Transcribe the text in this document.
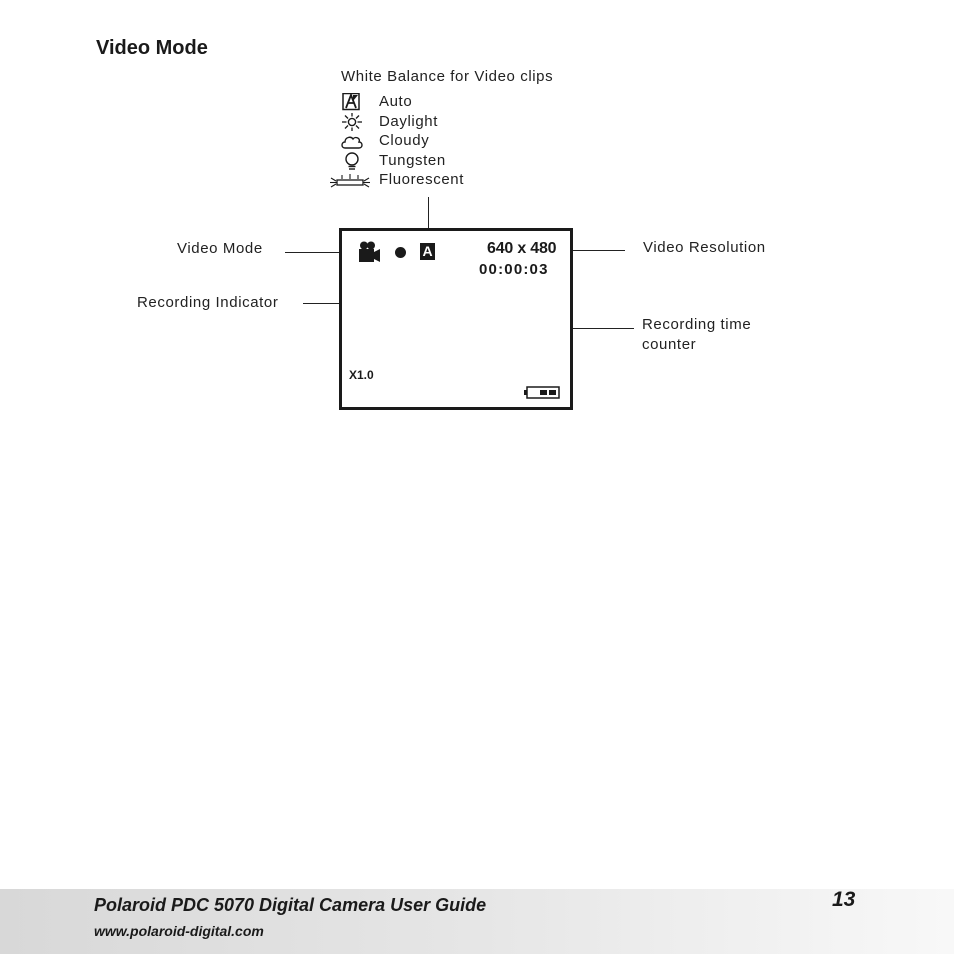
Video Mode
White Balance for Video clips
Auto
Daylight
Cloudy
Tungsten
Fluorescent
Video Mode
Recording Indicator
Video Resolution
Recording time
counter
A	640 x 480
00:00:03
X1.0
Polaroid PDC 5070 Digital Camera User Guide
www.polaroid-digital.com
13
